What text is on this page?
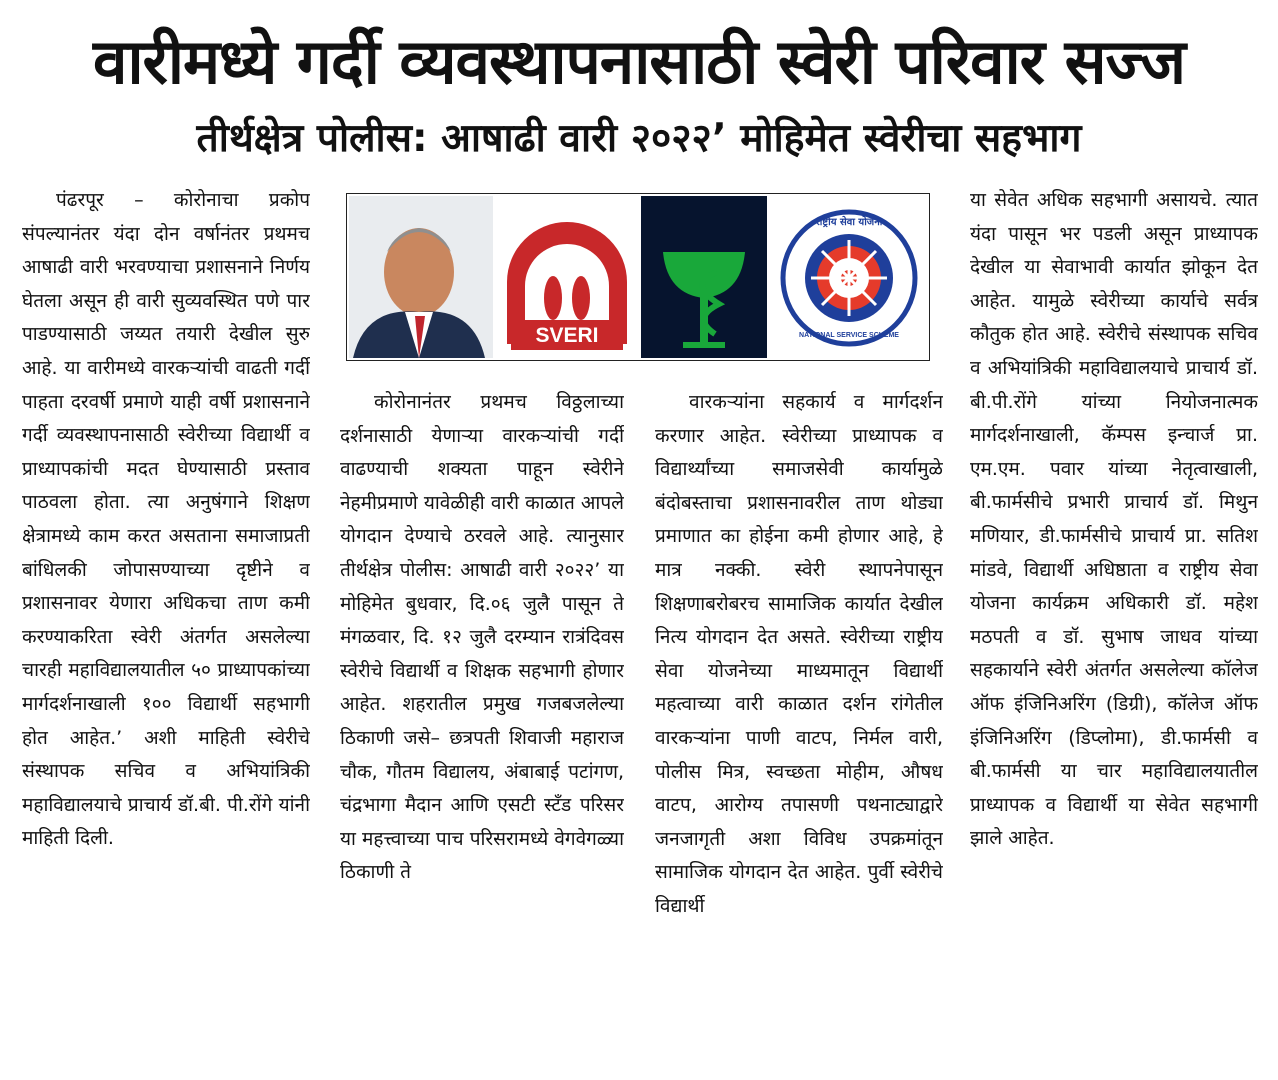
वारीमध्ये गर्दी व्यवस्थापनासाठी स्वेरी परिवार सज्ज
तीर्थक्षेत्र पोलीस: आषाढी वारी २०२२’ मोहिमेत स्वेरीचा सहभाग

पंढरपूर – कोरोनाचा प्रकोप संपल्यानंतर यंदा दोन वर्षानंतर प्रथमच आषाढी वारी भरवण्याचा प्रशासनाने निर्णय घेतला असून ही वारी सुव्यवस्थित पणे पार पाडण्यासाठी जय्यत तयारी देखील सुरु आहे. या वारीमध्ये वारकऱ्यांची वाढती गर्दी पाहता दरवर्षी प्रमाणे याही वर्षी प्रशासनाने गर्दी व्यवस्थापनासाठी स्वेरीच्या विद्यार्थी व प्राध्यापकांची मदत घेण्यासाठी प्रस्ताव पाठवला होता. त्या अनुषंगाने शिक्षण क्षेत्रामध्ये काम करत असताना समाजाप्रती बांधिलकी जोपासण्याच्या दृष्टीने व प्रशासनावर येणारा अधिकचा ताण कमी करण्याकरिता स्वेरी अंतर्गत असलेल्या चारही महाविद्यालयातील ५० प्राध्यापकांच्या मार्गदर्शनाखाली १०० विद्यार्थी सहभागी होत आहेत.’ अशी माहिती स्वेरीचे संस्थापक सचिव व अभियांत्रिकी महाविद्यालयाचे प्राचार्य डॉ.बी. पी.रोंगे यांनी माहिती दिली.

SVERI
राष्ट्रीय सेवा योजना
NATIONAL SERVICE SCHEME

कोरोनानंतर प्रथमच विठ्ठलाच्या दर्शनासाठी येणाऱ्या वारकऱ्यांची गर्दी वाढण्याची शक्यता पाहून स्वेरीने नेहमीप्रमाणे यावेळीही वारी काळात आपले योगदान देण्याचे ठरवले आहे. त्यानुसार तीर्थक्षेत्र पोलीस: आषाढी वारी २०२२’ या मोहिमेत बुधवार, दि.०६ जुलै पासून ते मंगळवार, दि. १२ जुलै दरम्यान रात्रंदिवस स्वेरीचे विद्यार्थी व शिक्षक सहभागी होणार आहेत. शहरातील प्रमुख गजबजलेल्या ठिकाणी जसे– छत्रपती शिवाजी महाराज चौक, गौतम विद्यालय, अंबाबाई पटांगण, चंद्रभागा मैदान आणि एसटी स्टँड परिसर या महत्त्वाच्या पाच परिसरामध्ये वेगवेगळ्या ठिकाणी ते

वारकऱ्यांना सहकार्य व मार्गदर्शन करणार आहेत. स्वेरीच्या प्राध्यापक व विद्यार्थ्यांच्या समाजसेवी कार्यामुळे बंदोबस्ताचा प्रशासनावरील ताण थोड्या प्रमाणात का होईना कमी होणार आहे, हे मात्र नक्की. स्वेरी स्थापनेपासून शिक्षणाबरोबरच सामाजिक कार्यात देखील नित्य योगदान देत असते. स्वेरीच्या राष्ट्रीय सेवा योजनेच्या माध्यमातून विद्यार्थी महत्वाच्या वारी काळात दर्शन रांगेतील वारकऱ्यांना पाणी वाटप, निर्मल वारी, पोलीस मित्र, स्वच्छता मोहीम, औषध वाटप, आरोग्य तपासणी पथनाट्याद्वारे जनजागृती अशा विविध उपक्रमांतून सामाजिक योगदान देत आहेत. पुर्वी स्वेरीचे विद्यार्थी

या सेवेत अधिक सहभागी असायचे. त्यात यंदा पासून भर पडली असून प्राध्यापक देखील या सेवाभावी कार्यात झोकून देत आहेत. यामुळे स्वेरीच्या कार्याचे सर्वत्र कौतुक होत आहे. स्वेरीचे संस्थापक सचिव व अभियांत्रिकी महाविद्यालयाचे प्राचार्य डॉ. बी.पी.रोंगे यांच्या नियोजनात्मक मार्गदर्शनाखाली, कॅम्पस इन्चार्ज प्रा. एम.एम. पवार यांच्या नेतृत्वाखाली, बी.फार्मसीचे प्रभारी प्राचार्य डॉ. मिथुन मणियार, डी.फार्मसीचे प्राचार्य प्रा. सतिश मांडवे, विद्यार्थी अधिष्ठाता व राष्ट्रीय सेवा योजना कार्यक्रम अधिकारी डॉ. महेश मठपती व डॉ. सुभाष जाधव यांच्या सहकार्याने स्वेरी अंतर्गत असलेल्या कॉलेज ऑफ इंजिनिअरिंग (डिग्री), कॉलेज ऑफ इंजिनिअरिंग (डिप्लोमा), डी.फार्मसी व बी.फार्मसी या चार महाविद्यालयातील प्राध्यापक व विद्यार्थी या सेवेत सहभागी झाले आहेत.
